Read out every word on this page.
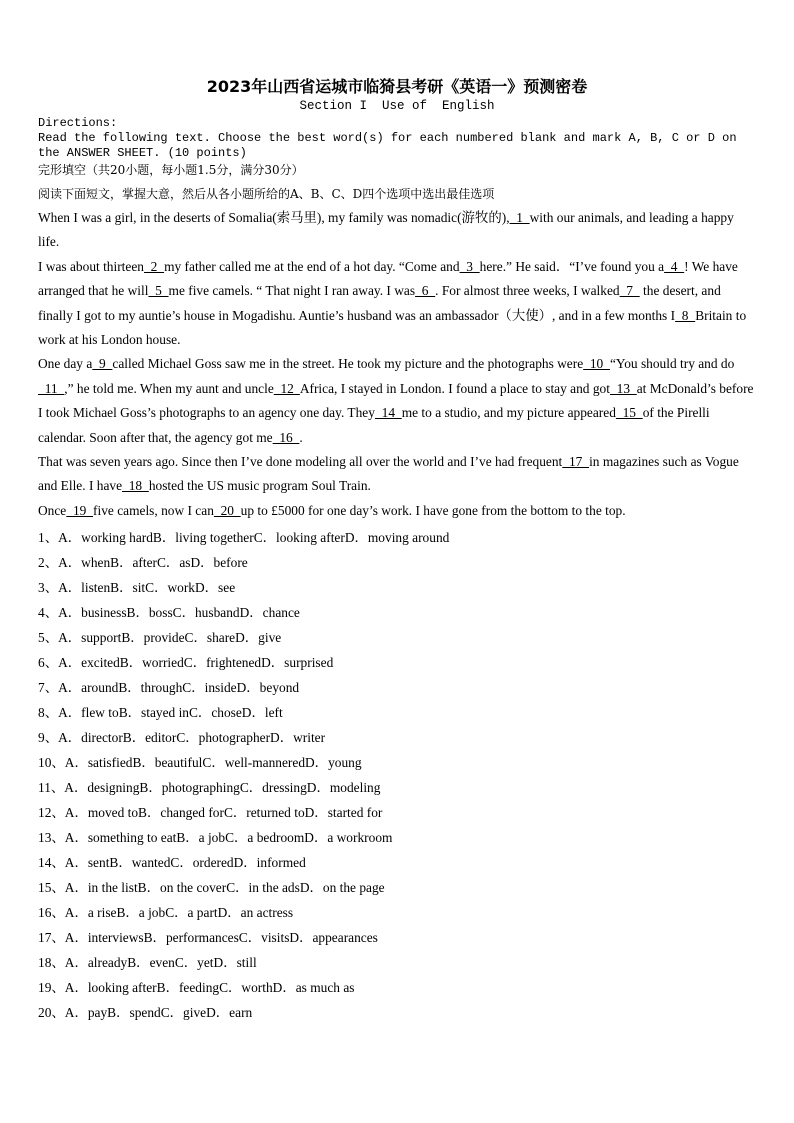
2023年山西省运城市临猗县考研《英语一》预测密卷
Section I  Use of  English
Directions:
Read the following text. Choose the best word(s) for each numbered blank and mark A, B, C or D on the ANSWER SHEET. (10 points)
完形填空（共20小题，每小题1.5分，满分30分）
阅读下面短文，掌握大意，然后从各小题所给的A、B、C、D四个选项中选出最佳选项

When I was a girl, in the deserts of Somalia(索马里), my family was nomadic(游牧的),  1  with our animals, and leading a happy life.

I was about thirteen  2  my father called me at the end of a hot day. “Come and  3  here.” He said．“I’ve found you a  4  ! We have arranged that he will  5  me five camels. “ That night I ran away. I was  6  . For almost three weeks, I walked  7   the desert, and finally I got to my auntie’s house in Mogadishu. Auntie’s husband was an ambassador（大使）, and in a few months I  8  Britain to work at his London house.

One day a  9  called Michael Goss saw me in the street. He took my picture and the photographs were  10  “You should try and do  11  ,” he told me. When my aunt and uncle  12  Africa, I stayed in London. I found a place to stay and got  13  at McDonald’s before I took Michael Goss’s photographs to an agency one day. They  14  me to a studio, and my picture appeared  15  of the Pirelli calendar. Soon after that, the agency got me  16  .

That was seven years ago. Since then I’ve done modeling all over the world and I’ve had frequent  17  in magazines such as Vogue and Elle. I have  18  hosted the US music program Soul Train.

Once  19  five camels, now I can  20  up to £5000 for one day’s work. I have gone from the bottom to the top.

1、A．working hardB．living togetherC．looking afterD．moving around
2、A．whenB．afterC．asD．before
3、A．listenB．sitC．workD．see
4、A．businessB．bossC．husbandD．chance
5、A．supportB．provideC．shareD．give
6、A．excitedB．worriedC．frightenedD．surprised
7、A．aroundB．throughC．insideD．beyond
8、A．flew toB．stayed inC．choseD．left
9、A．directorB．editorC．photographerD．writer
10、A．satisfiedB．beautifulC．well-manneredD．young
11、A．designingB．photographingC．dressingD．modeling
12、A．moved toB．changed forC．returned toD．started for
13、A．something to eatB．a jobC．a bedroomD．a workroom
14、A．sentB．wantedC．orderedD．informed
15、A．in the listB．on the coverC．in the adsD．on the page
16、A．a riseB．a jobC．a partD．an actress
17、A．interviewsB．performancesC．visitsD．appearances
18、A．alreadyB．evenC．yetD．still
19、A．looking afterB．feedingC．worthD．as much as
20、A．payB．spendC．giveD．earn
